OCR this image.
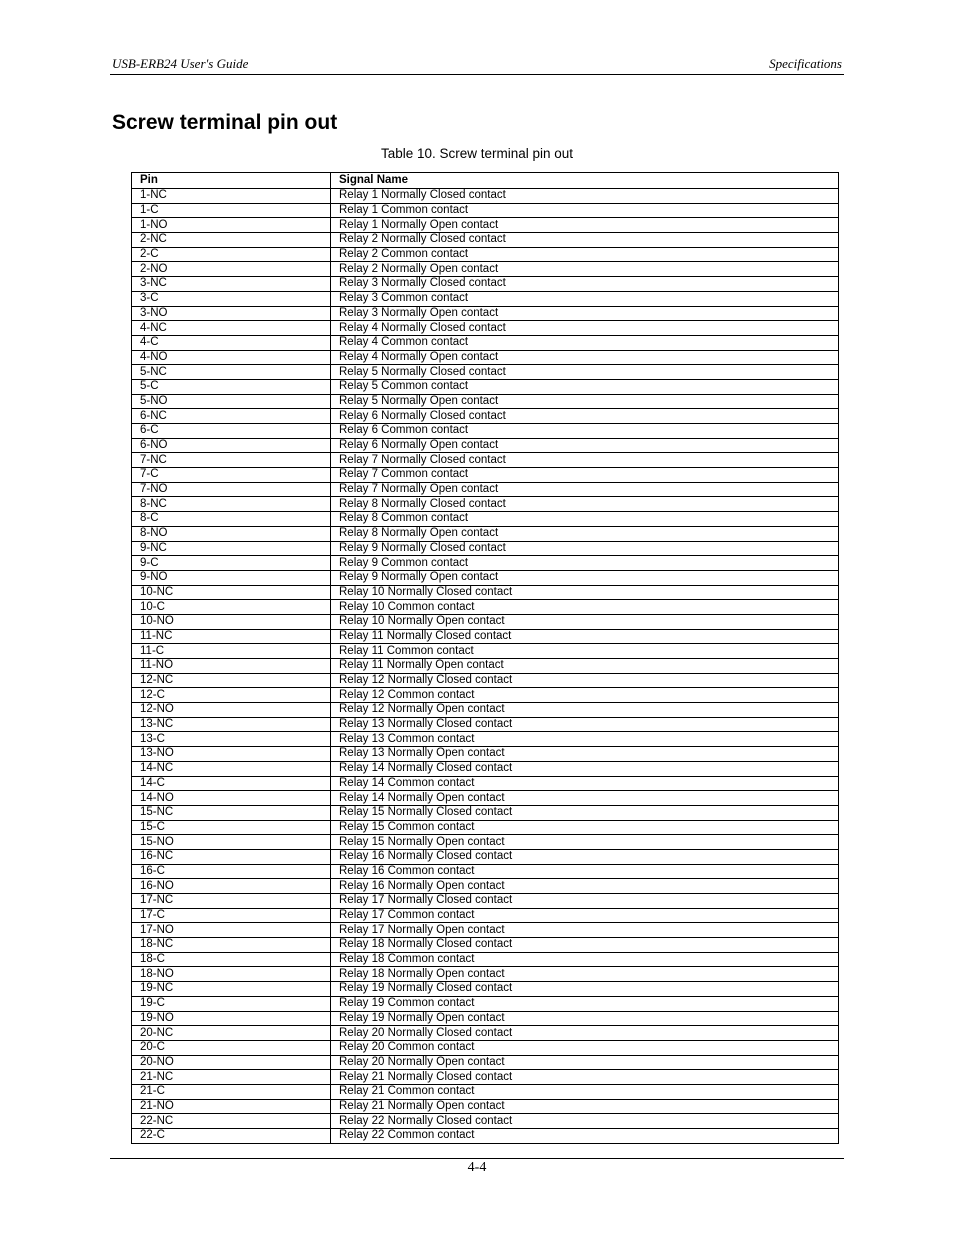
USB-ERB24 User's Guide	Specifications
Screw terminal pin out
Table 10. Screw terminal pin out
Pin	Signal Name
1-NC	Relay 1 Normally Closed contact
1-C	Relay 1 Common contact
1-NO	Relay 1 Normally Open contact
2-NC	Relay 2 Normally Closed contact
2-C	Relay 2 Common contact
2-NO	Relay 2 Normally Open contact
3-NC	Relay 3 Normally Closed contact
3-C	Relay 3 Common contact
3-NO	Relay 3 Normally Open contact
4-NC	Relay 4 Normally Closed contact
4-C	Relay 4 Common contact
4-NO	Relay 4 Normally Open contact
5-NC	Relay 5 Normally Closed contact
5-C	Relay 5 Common contact
5-NO	Relay 5 Normally Open contact
6-NC	Relay 6 Normally Closed contact
6-C	Relay 6 Common contact
6-NO	Relay 6 Normally Open contact
7-NC	Relay 7 Normally Closed contact
7-C	Relay 7 Common contact
7-NO	Relay 7 Normally Open contact
8-NC	Relay 8 Normally Closed contact
8-C	Relay 8 Common contact
8-NO	Relay 8 Normally Open contact
9-NC	Relay 9 Normally Closed contact
9-C	Relay 9 Common contact
9-NO	Relay 9 Normally Open contact
10-NC	Relay 10 Normally Closed contact
10-C	Relay 10 Common contact
10-NO	Relay 10 Normally Open contact
11-NC	Relay 11 Normally Closed contact
11-C	Relay 11 Common contact
11-NO	Relay 11 Normally Open contact
12-NC	Relay 12 Normally Closed contact
12-C	Relay 12 Common contact
12-NO	Relay 12 Normally Open contact
13-NC	Relay 13 Normally Closed contact
13-C	Relay 13 Common contact
13-NO	Relay 13 Normally Open contact
14-NC	Relay 14 Normally Closed contact
14-C	Relay 14 Common contact
14-NO	Relay 14 Normally Open contact
15-NC	Relay 15 Normally Closed contact
15-C	Relay 15 Common contact
15-NO	Relay 15 Normally Open contact
16-NC	Relay 16 Normally Closed contact
16-C	Relay 16 Common contact
16-NO	Relay 16 Normally Open contact
17-NC	Relay 17 Normally Closed contact
17-C	Relay 17 Common contact
17-NO	Relay 17 Normally Open contact
18-NC	Relay 18 Normally Closed contact
18-C	Relay 18 Common contact
18-NO	Relay 18 Normally Open contact
19-NC	Relay 19 Normally Closed contact
19-C	Relay 19 Common contact
19-NO	Relay 19 Normally Open contact
20-NC	Relay 20 Normally Closed contact
20-C	Relay 20 Common contact
20-NO	Relay 20 Normally Open contact
21-NC	Relay 21 Normally Closed contact
21-C	Relay 21 Common contact
21-NO	Relay 21 Normally Open contact
22-NC	Relay 22 Normally Closed contact
22-C	Relay 22 Common contact
4-4
